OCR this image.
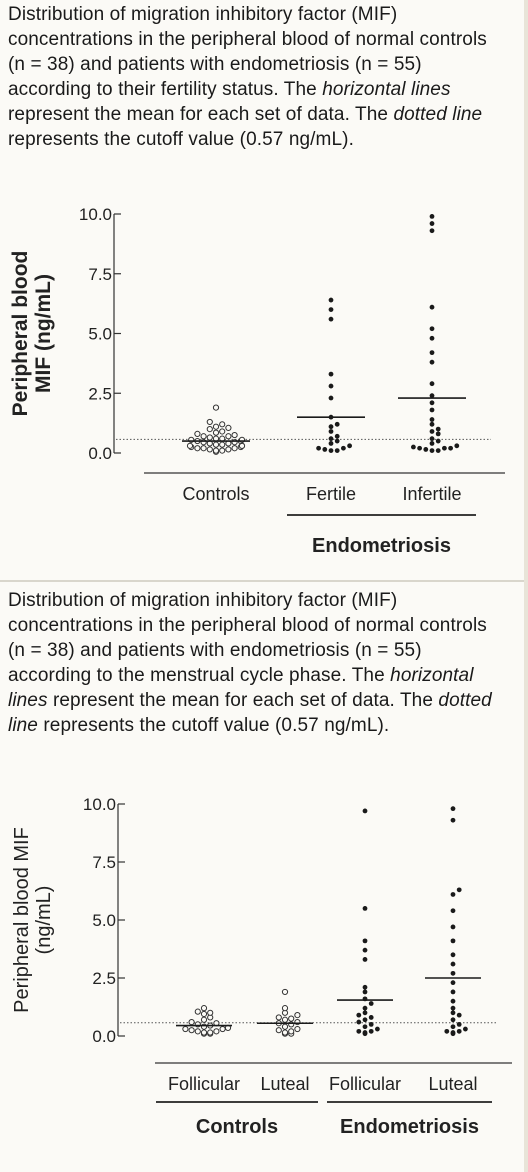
Distribution of migration inhibitory factor (MIF) concentrations in the peripheral blood of normal controls (n = 38) and patients with endometriosis (n = 55) according to their fertility status. The horizontal lines represent the mean for each set of data. The dotted line represents the cutoff value (0.57 ng/mL).
Peripheral bloodMIF (ng/mL)
0.0
2.5
5.0
7.5
10.0
Controls	Fertile	Infertile
Endometriosis
Distribution of migration inhibitory factor (MIF) concentrations in the peripheral blood of normal controls (n = 38) and patients with endometriosis (n = 55) according to the menstrual cycle phase. The horizontal lines represent the mean for each set of data. The dotted line represents the cutoff value (0.57 ng/mL).
Peripheral blood MIF(ng/mL)
0.0
2.5
5.0
7.5
10.0
Follicular Luteal Follicular Luteal
Controls	Endometriosis
